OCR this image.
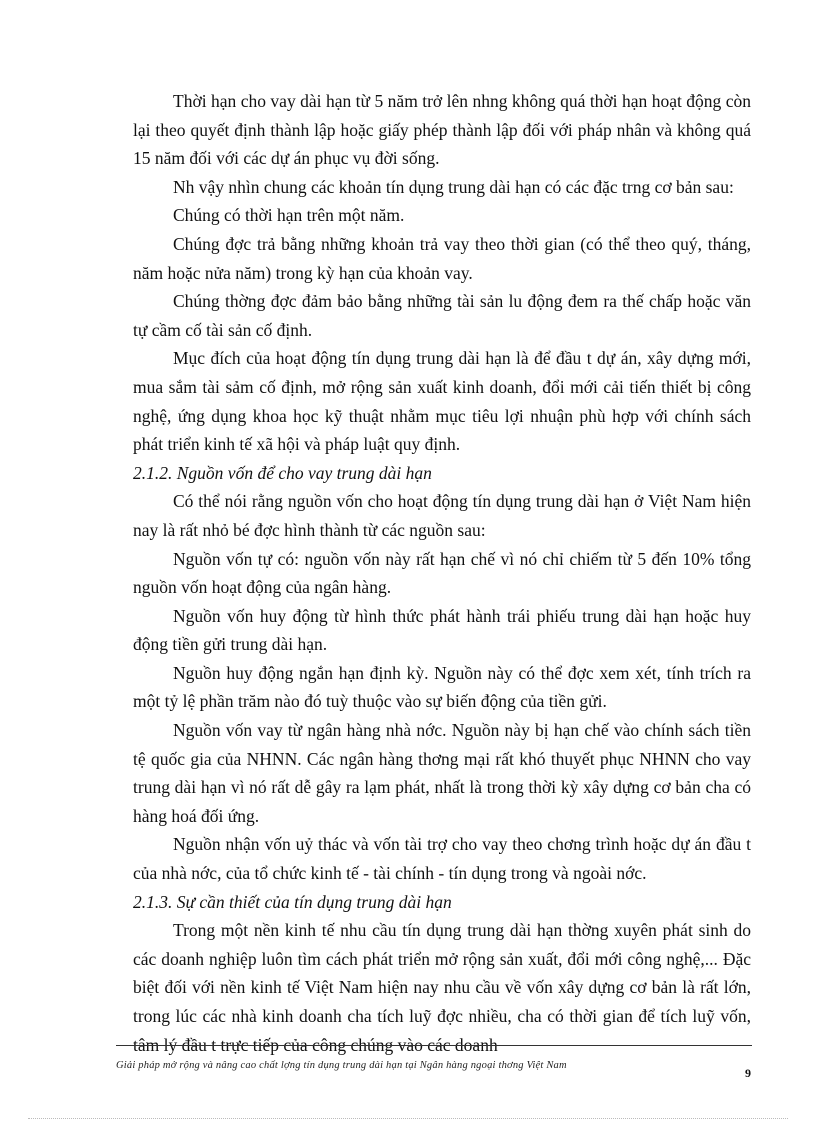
Thời hạn cho vay dài hạn từ 5 năm trở lên nhng không quá thời hạn hoạt động còn lại theo quyết định thành lập hoặc giấy phép thành lập đối với pháp nhân và không quá 15 năm đối với các dự án phục vụ đời sống.

Nh vậy nhìn chung các khoản tín dụng trung dài hạn có các đặc trng cơ bản sau:

Chúng có thời hạn trên một năm.

Chúng đợc trả bằng những khoản trả vay theo thời gian (có thể theo quý, tháng, năm hoặc nửa năm) trong kỳ hạn của khoản vay.

Chúng thờng đợc đảm bảo bằng những tài sản lu động đem ra thế chấp hoặc văn tự cầm cố tài sản cố định.

Mục đích của hoạt động tín dụng trung dài hạn là để đầu t dự án, xây dựng mới, mua sắm tài sảm cố định, mở rộng sản xuất kinh doanh, đổi mới cải tiến thiết bị công nghệ, ứng dụng khoa học kỹ thuật nhằm mục tiêu lợi nhuận phù hợp với chính sách phát triển kinh tế xã hội và pháp luật quy định.

2.1.2. Nguồn vốn để cho vay trung dài hạn

Có thể nói rằng nguồn vốn cho hoạt động tín dụng trung dài hạn ở Việt Nam hiện nay là rất nhỏ bé đợc hình thành từ các nguồn sau:

Nguồn vốn tự có: nguồn vốn này rất hạn chế vì nó chỉ chiếm từ 5 đến 10% tổng nguồn vốn hoạt động của ngân hàng.

Nguồn vốn huy động từ hình thức phát hành trái phiếu trung dài hạn hoặc huy động tiền gửi trung dài hạn.

Nguồn huy động ngắn hạn định kỳ. Nguồn này có thể đợc xem xét, tính trích ra một tỷ lệ phần trăm nào đó tuỳ thuộc vào sự biến động của tiền gửi.

Nguồn vốn vay từ ngân hàng nhà nớc. Nguồn này bị hạn chế vào chính sách tiền tệ quốc gia của NHNN. Các ngân hàng thơng mại rất khó thuyết phục NHNN cho vay trung dài hạn vì nó rất dễ gây ra lạm phát, nhất là trong thời kỳ xây dựng cơ bản cha có hàng hoá đối ứng.

Nguồn nhận vốn uỷ thác và vốn tài trợ cho vay theo chơng trình hoặc dự án đầu t của nhà nớc, của tổ chức kinh tế - tài chính - tín dụng trong và ngoài nớc.

2.1.3. Sự cần thiết của tín dụng trung dài hạn

Trong một nền kinh tế nhu cầu tín dụng trung dài hạn thờng xuyên phát sinh do các doanh nghiệp luôn tìm cách phát triển mở rộng sản xuất, đổi mới công nghệ,... Đặc biệt đối với nền kinh tế Việt Nam hiện nay nhu cầu về vốn xây dựng cơ bản là rất lớn, trong lúc các nhà kinh doanh cha tích luỹ đợc nhiều, cha có thời gian để tích luỹ vốn, tâm lý đầu t trực tiếp của công chúng vào các doanh

Giải pháp mở rộng và nâng cao chất lợng tín dụng trung dài hạn tại Ngân hàng ngoại thơng Việt Nam
9
